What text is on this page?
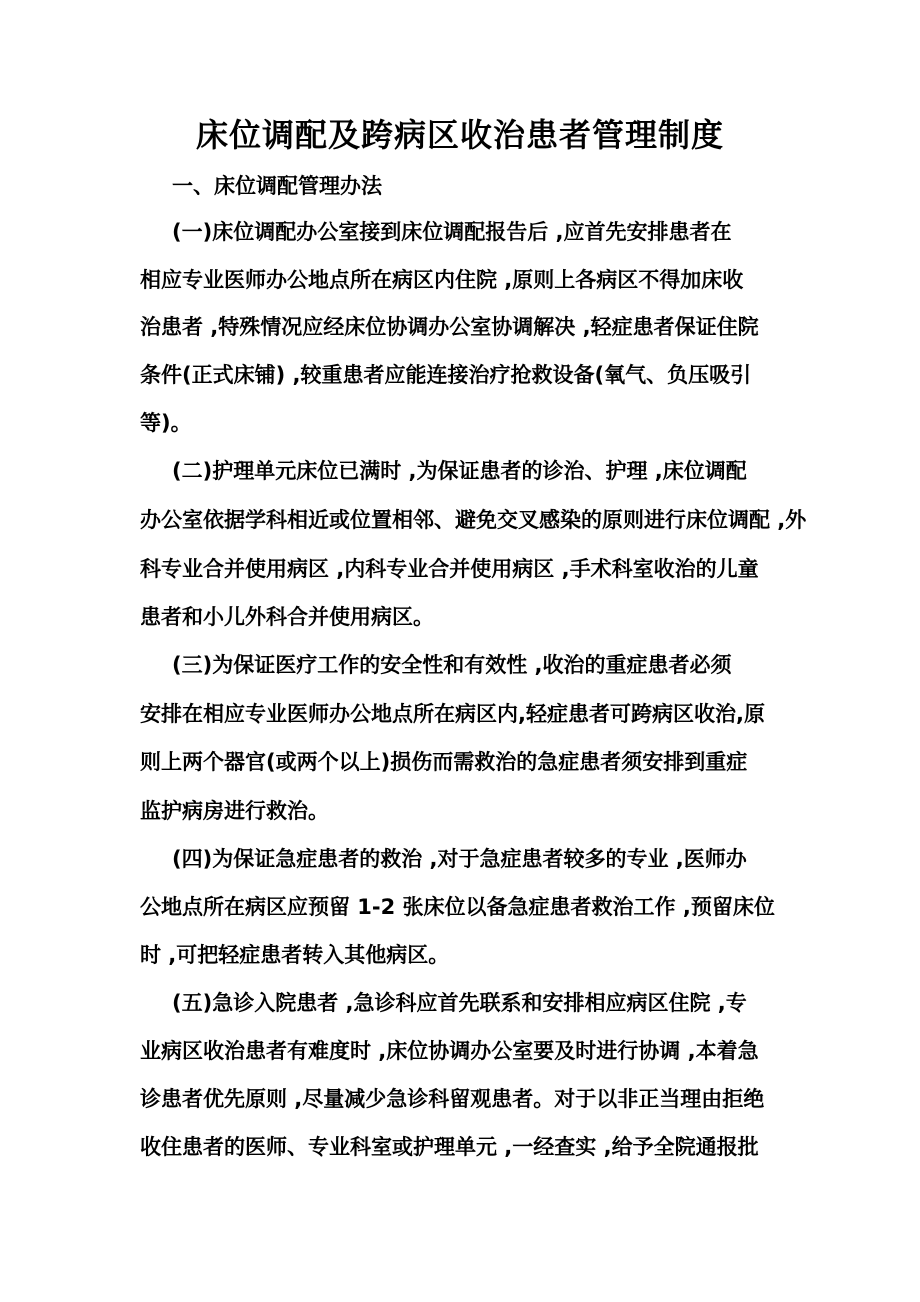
床位调配及跨病区收治患者管理制度
一、床位调配管理办法

(一)床位调配办公室接到床位调配报告后 ,应首先安排患者在

相应专业医师办公地点所在病区内住院 ,原则上各病区不得加床收

治患者 ,特殊情况应经床位协调办公室协调解决 ,轻症患者保证住院

条件(正式床铺) ,较重患者应能连接治疗抢救设备(氧气、负压吸引

等)。

(二)护理单元床位已满时 ,为保证患者的诊治、护理 ,床位调配

办公室依据学科相近或位置相邻、避免交叉感染的原则进行床位调配 ,外

科专业合并使用病区 ,内科专业合并使用病区 ,手术科室收治的儿童

患者和小儿外科合并使用病区。

(三)为保证医疗工作的安全性和有效性 ,收治的重症患者必须

安排在相应专业医师办公地点所在病区内,轻症患者可跨病区收治,原

则上两个器官(或两个以上)损伤而需救治的急症患者须安排到重症

监护病房进行救治。

(四)为保证急症患者的救治 ,对于急症患者较多的专业 ,医师办

公地点所在病区应预留 1-2 张床位以备急症患者救治工作 ,预留床位

时 ,可把轻症患者转入其他病区。

(五)急诊入院患者 ,急诊科应首先联系和安排相应病区住院 ,专

业病区收治患者有难度时 ,床位协调办公室要及时进行协调 ,本着急

诊患者优先原则 ,尽量减少急诊科留观患者。对于以非正当理由拒绝

收住患者的医师、专业科室或护理单元 ,一经查实 ,给予全院通报批
